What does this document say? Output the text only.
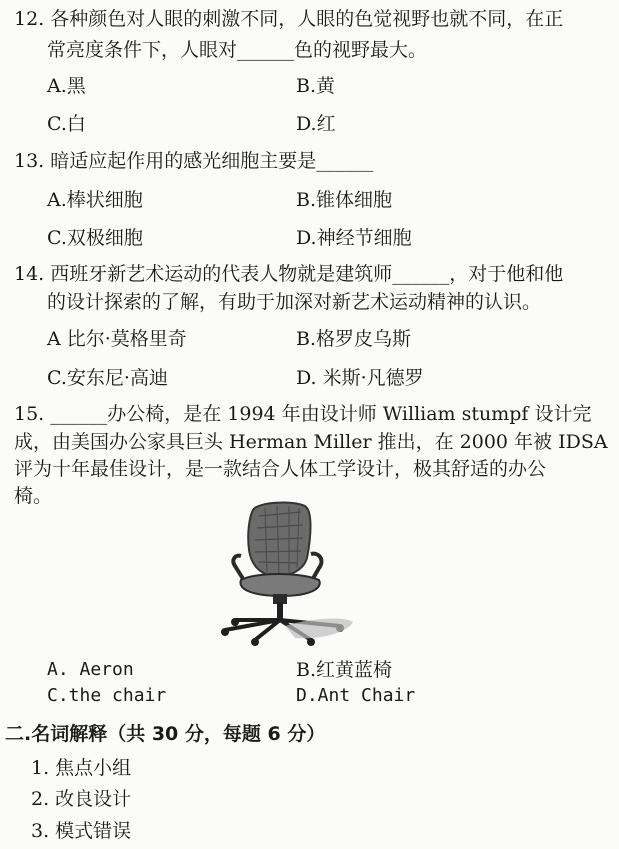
12. 各种颜色对人眼的刺激不同，人眼的色觉视野也就不同，在正
常亮度条件下，人眼对______色的视野最大。
A.黑	B.黄
C.白	D.红
13. 暗适应起作用的感光细胞主要是______
A.棒状细胞	B.锥体细胞
C.双极细胞	D.神经节细胞
14. 西班牙新艺术运动的代表人物就是建筑师______，对于他和他
的设计探索的了解，有助于加深对新艺术运动精神的认识。
A 比尔·莫格里奇	B.格罗皮乌斯
C.安东尼·高迪	D. 米斯·凡德罗
15. ______办公椅，是在 1994 年由设计师 William stumpf 设计完
成，由美国办公家具巨头 Herman Miller 推出，在 2000 年被 IDSA
评为十年最佳设计，是一款结合人体工学设计，极其舒适的办公
椅。
A. Aeron	B.红黄蓝椅
C.the chair	D.Ant Chair
二.名词解释（共 30 分，每题 6 分）
1. 焦点小组
2. 改良设计
3. 模式错误
